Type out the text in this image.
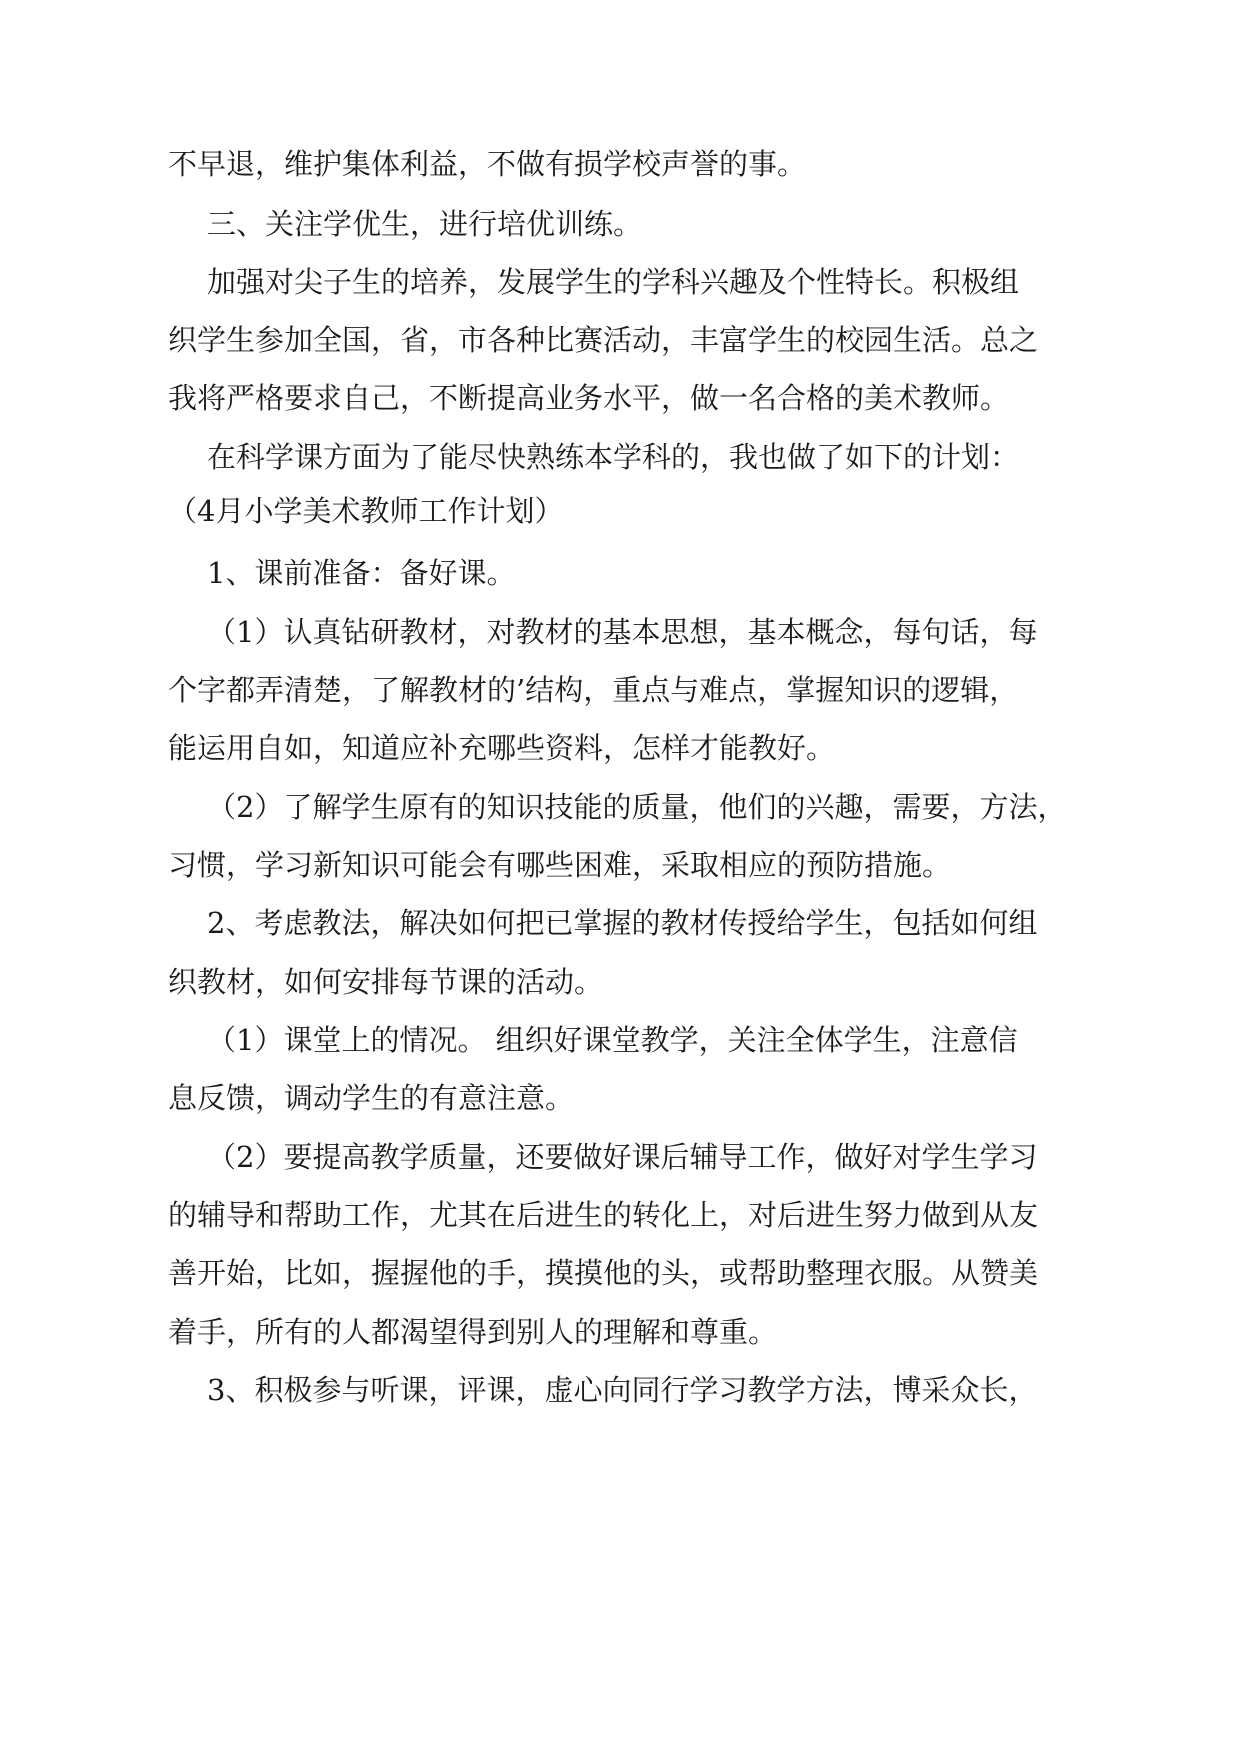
不早退，维护集体利益，不做有损学校声誉的事。
三、关注学优生，进行培优训练。
加强对尖子生的培养，发展学生的学科兴趣及个性特长。积极组
织学生参加全国，省，市各种比赛活动，丰富学生的校园生活。总之
我将严格要求自己，不断提高业务水平，做一名合格的美术教师。
在科学课方面为了能尽快熟练本学科的，我也做了如下的计划：
（4月小学美术教师工作计划）
1、课前准备：备好课。
（1）认真钻研教材，对教材的基本思想，基本概念，每句话，每
个字都弄清楚，了解教材的’结构，重点与难点，掌握知识的逻辑，
能运用自如，知道应补充哪些资料，怎样才能教好。
（2）了解学生原有的知识技能的质量，他们的兴趣，需要，方法，
习惯，学习新知识可能会有哪些困难，采取相应的预防措施。
2、考虑教法，解决如何把已掌握的教材传授给学生，包括如何组
织教材，如何安排每节课的活动。
（1）课堂上的情况。 组织好课堂教学，关注全体学生，注意信
息反馈，调动学生的有意注意。
（2）要提高教学质量，还要做好课后辅导工作，做好对学生学习
的辅导和帮助工作，尤其在后进生的转化上，对后进生努力做到从友
善开始，比如，握握他的手，摸摸他的头，或帮助整理衣服。从赞美
着手，所有的人都渴望得到别人的理解和尊重。
3、积极参与听课，评课，虚心向同行学习教学方法，博采众长，
